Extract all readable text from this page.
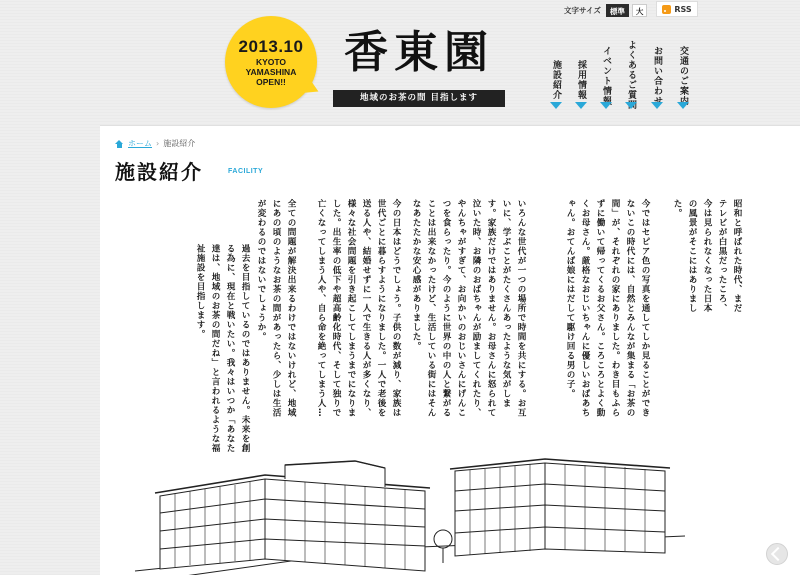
2013.10
KYOTO
YAMASHINA
OPEN!!
香東園
地域のお茶の間 目指します
文字サイズ	標準	大	RSS
交通のご案内
お問い合わせ
よくあるご質問
イベント情報
採用情報
施設紹介
ホーム › 施設紹介
施設紹介	FACILITY
昭和と呼ばれた時代、まだテレビが白黒だったころ、今は見られなくなった日本の風景がそこにはありました。
今ではセピア色の写真を通してしか見ることができないこの時代には、自然とみんなが集まる「お茶の間」が、それぞれの家にありました。わき目もふらずに働いて帰ってくるお父さん。ころころとよく動くお母さん。厳格なおじいちゃんに優しいおばあちゃん。おてんば娘にはだして駆け回る男の子。
いろんな世代が一つの場所で時間を共にする。お互いに、学ぶことがたくさんあったような気がします。家族だけではありません。お母さんに怒られて泣いた時、お隣のおばちゃんが励ましてくれたり、やんちゃがすぎて、お向かいのおじいさんにげんこつを食らったり。今のように世界の中の人と繋がることは出来なかったけど、生活している街にはそんなあたたかな安心感がありました。
今の日本はどうでしょう。子供の数が減り、家族は世代ごとに暮らすようになりました。一人で老後を送る人や、結婚せずに一人で生きる人が多くなり、様々な社会問題を引き起こしてしまうまでになりました。出生率の低下や超高齢化時代、そして独りで亡くなってしまう人や、自ら命を絶ってしまう人…
全ての問題が解決出来るわけではないけれど、地域にあの頃のようなお茶の間があったら、少しは生活が変わるのではないでしょうか。
過去を目指しているのではありません。未来を創る為に、現在と戦いたい。我々はいつか「あなた達は、地域のお茶の間だね」と言われるような福祉施設を目指します。
